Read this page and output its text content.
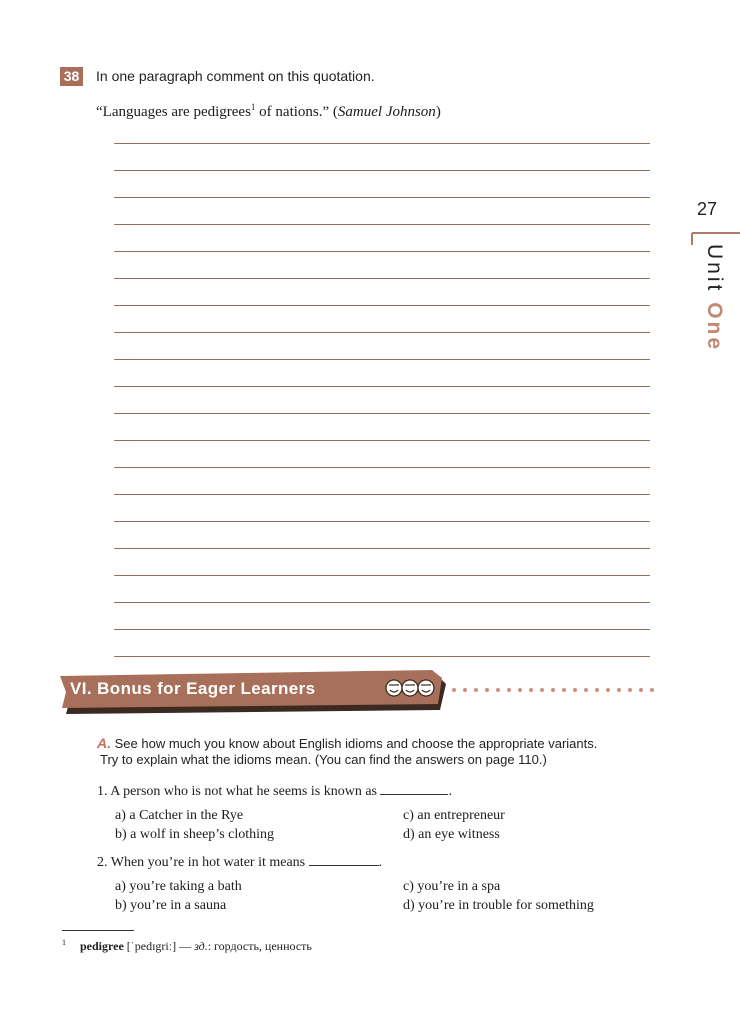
38 In one paragraph comment on this quotation.
“Languages are pedigrees$^1$ of nations.” (Samuel Johnson)
27
Unit One
VI. Bonus for Eager Learners
A. See how much you know about English idioms and choose the appropriate variants.
Try to explain what the idioms mean. (You can find the answers on page 110.)
1. A person who is not what he seems is known as	.
a) a Catcher in the Rye	c) an entrepreneur
b) a wolf in sheep’s clothing	d) an eye witness
2. When you’re in hot water it means	.
a) you’re taking a bath	c) you’re in a spa
b) you’re in a sauna	d) you’re in trouble for something
$^1$ pedigree [ˈpedɪgriː] — зд.: гордость, ценность
